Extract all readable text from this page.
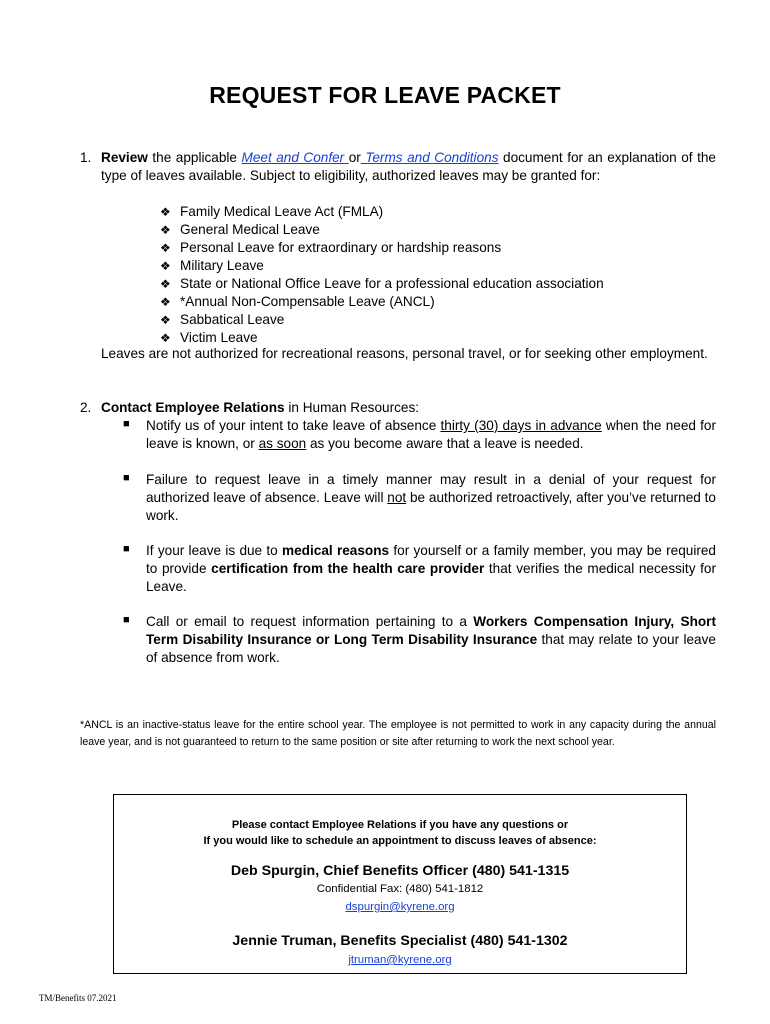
REQUEST FOR LEAVE PACKET
1. Review the applicable Meet and Confer or Terms and Conditions document for an explanation of the type of leaves available. Subject to eligibility, authorized leaves may be granted for:
❖ Family Medical Leave Act (FMLA)
❖ General Medical Leave
❖ Personal Leave for extraordinary or hardship reasons
❖ Military Leave
❖ State or National Office Leave for a professional education association
❖ *Annual Non-Compensable Leave (ANCL)
❖ Sabbatical Leave
❖ Victim Leave
Leaves are not authorized for recreational reasons, personal travel, or for seeking other employment.
2. Contact Employee Relations in Human Resources:
■ Notify us of your intent to take leave of absence thirty (30) days in advance when the need for leave is known, or as soon as you become aware that a leave is needed.
■ Failure to request leave in a timely manner may result in a denial of your request for authorized leave of absence. Leave will not be authorized retroactively, after you’ve returned to work.
■ If your leave is due to medical reasons for yourself or a family member, you may be required to provide certification from the health care provider that verifies the medical necessity for Leave.
■ Call or email to request information pertaining to a Workers Compensation Injury, Short Term Disability Insurance or Long Term Disability Insurance that may relate to your leave of absence from work.
*ANCL is an inactive-status leave for the entire school year. The employee is not permitted to work in any capacity during the annual leave year, and is not guaranteed to return to the same position or site after returning to work the next school year.
Please contact Employee Relations if you have any questions or
If you would like to schedule an appointment to discuss leaves of absence:
Deb Spurgin, Chief Benefits Officer (480) 541-1315
Confidential Fax: (480) 541-1812
dspurgin@kyrene.org
Jennie Truman, Benefits Specialist (480) 541-1302
jtruman@kyrene.org
TM/Benefits 07.2021
